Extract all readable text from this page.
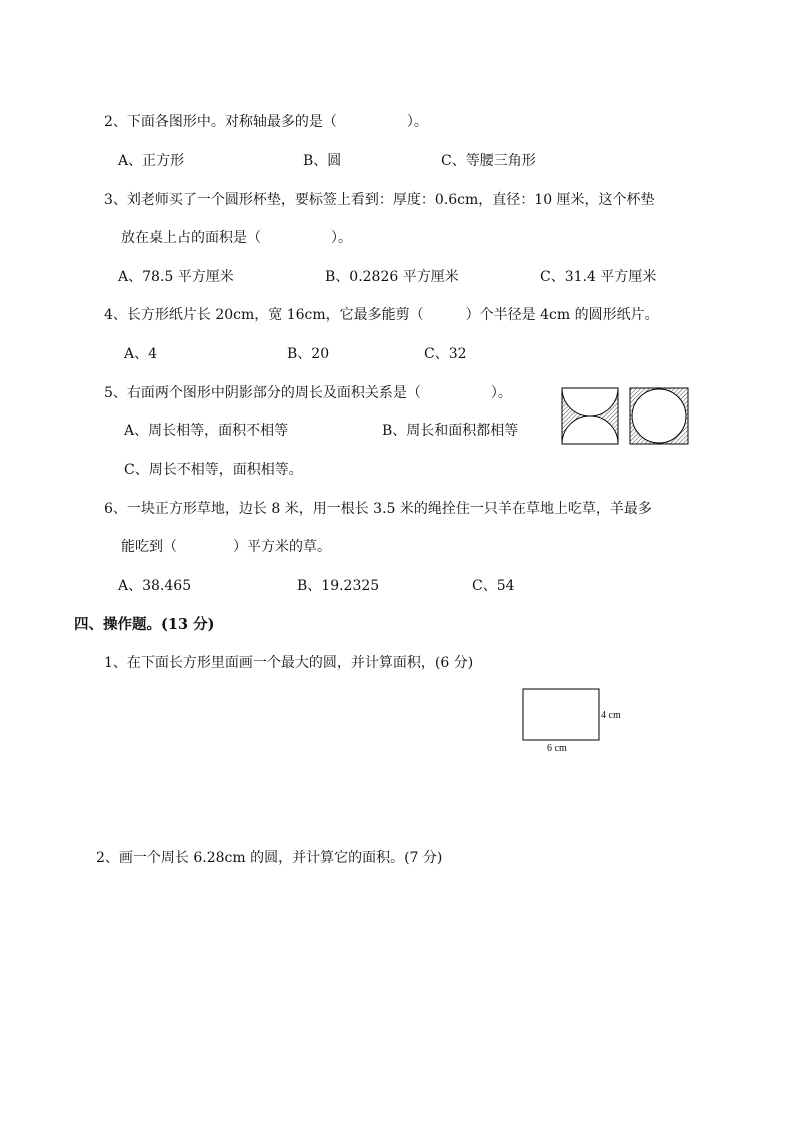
2、下面各图形中。对称轴最多的是（　　　　　）。
A、正方形	B、圆	C、等腰三角形
3、刘老师买了一个圆形杯垫，要标签上看到：厚度：0.6cm，直径：10 厘米，这个杯垫
放在桌上占的面积是（　　　　　）。
A、78.5 平方厘米	B、0.2826 平方厘米	C、31.4 平方厘米
4、长方形纸片长 20cm，宽 16cm，它最多能剪（　　　）个半径是 4cm 的圆形纸片。
A、4	B、20	C、32
5、右面两个图形中阴影部分的周长及面积关系是（　　　　　）。
A、周长相等，面积不相等	B、周长和面积都相等
C、周长不相等，面积相等。
6、一块正方形草地，边长 8 米，用一根长 3.5 米的绳拴住一只羊在草地上吃草，羊最多
能吃到（　　　　）平方米的草。
A、38.465	B、19.2325	C、54
四、操作题。(13 分)
1、在下面长方形里面画一个最大的圆，并计算面积，(6 分)
4 cm
6 cm
2、画一个周长 6.28cm 的圆，并计算它的面积。(7 分)
